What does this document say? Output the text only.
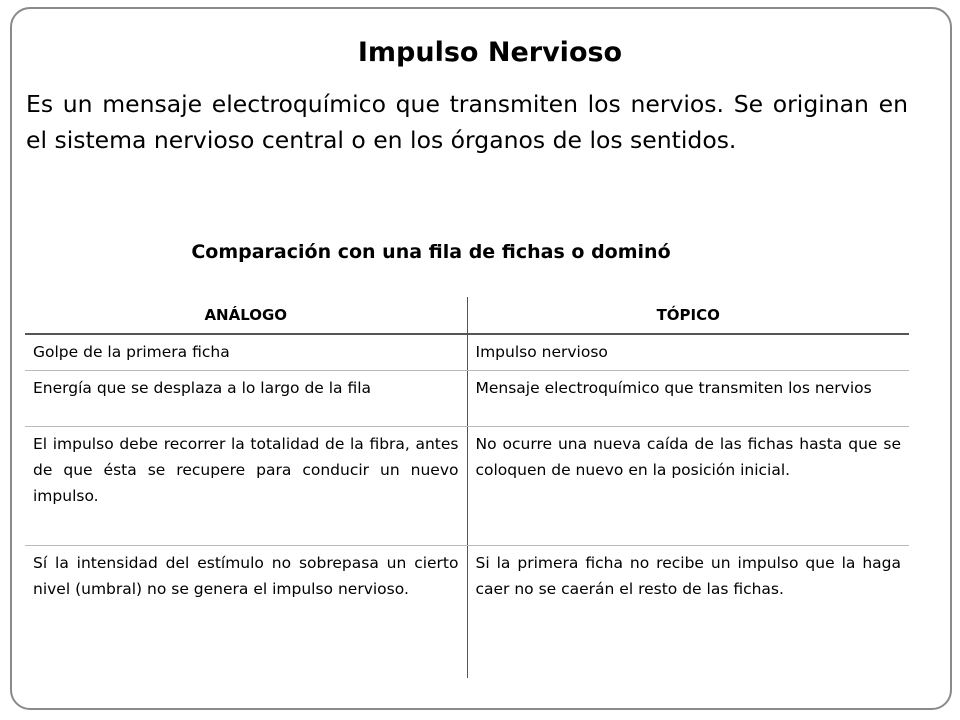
Impulso Nervioso

Es un mensaje electroquímico que transmiten los nervios. Se originan en el sistema nervioso central o en los órganos de los sentidos.

Comparación con una fila de fichas o dominó
ANÁLOGO	TÓPICO
Golpe de la primera ficha	Impulso nervioso
Energía que se desplaza a lo largo de la fila	Mensaje electroquímico que transmiten los nervios
El impulso debe recorrer la totalidad de la fibra, antes de que ésta se recupere para conducir un nuevo impulso.	No ocurre una nueva caída de las fichas hasta que se coloquen de nuevo en la posición inicial.
Sí la intensidad del estímulo no sobrepasa un cierto nivel (umbral) no se genera el impulso nervioso.	Si la primera ficha no recibe un impulso que la haga caer no se caerán el resto de las fichas.
